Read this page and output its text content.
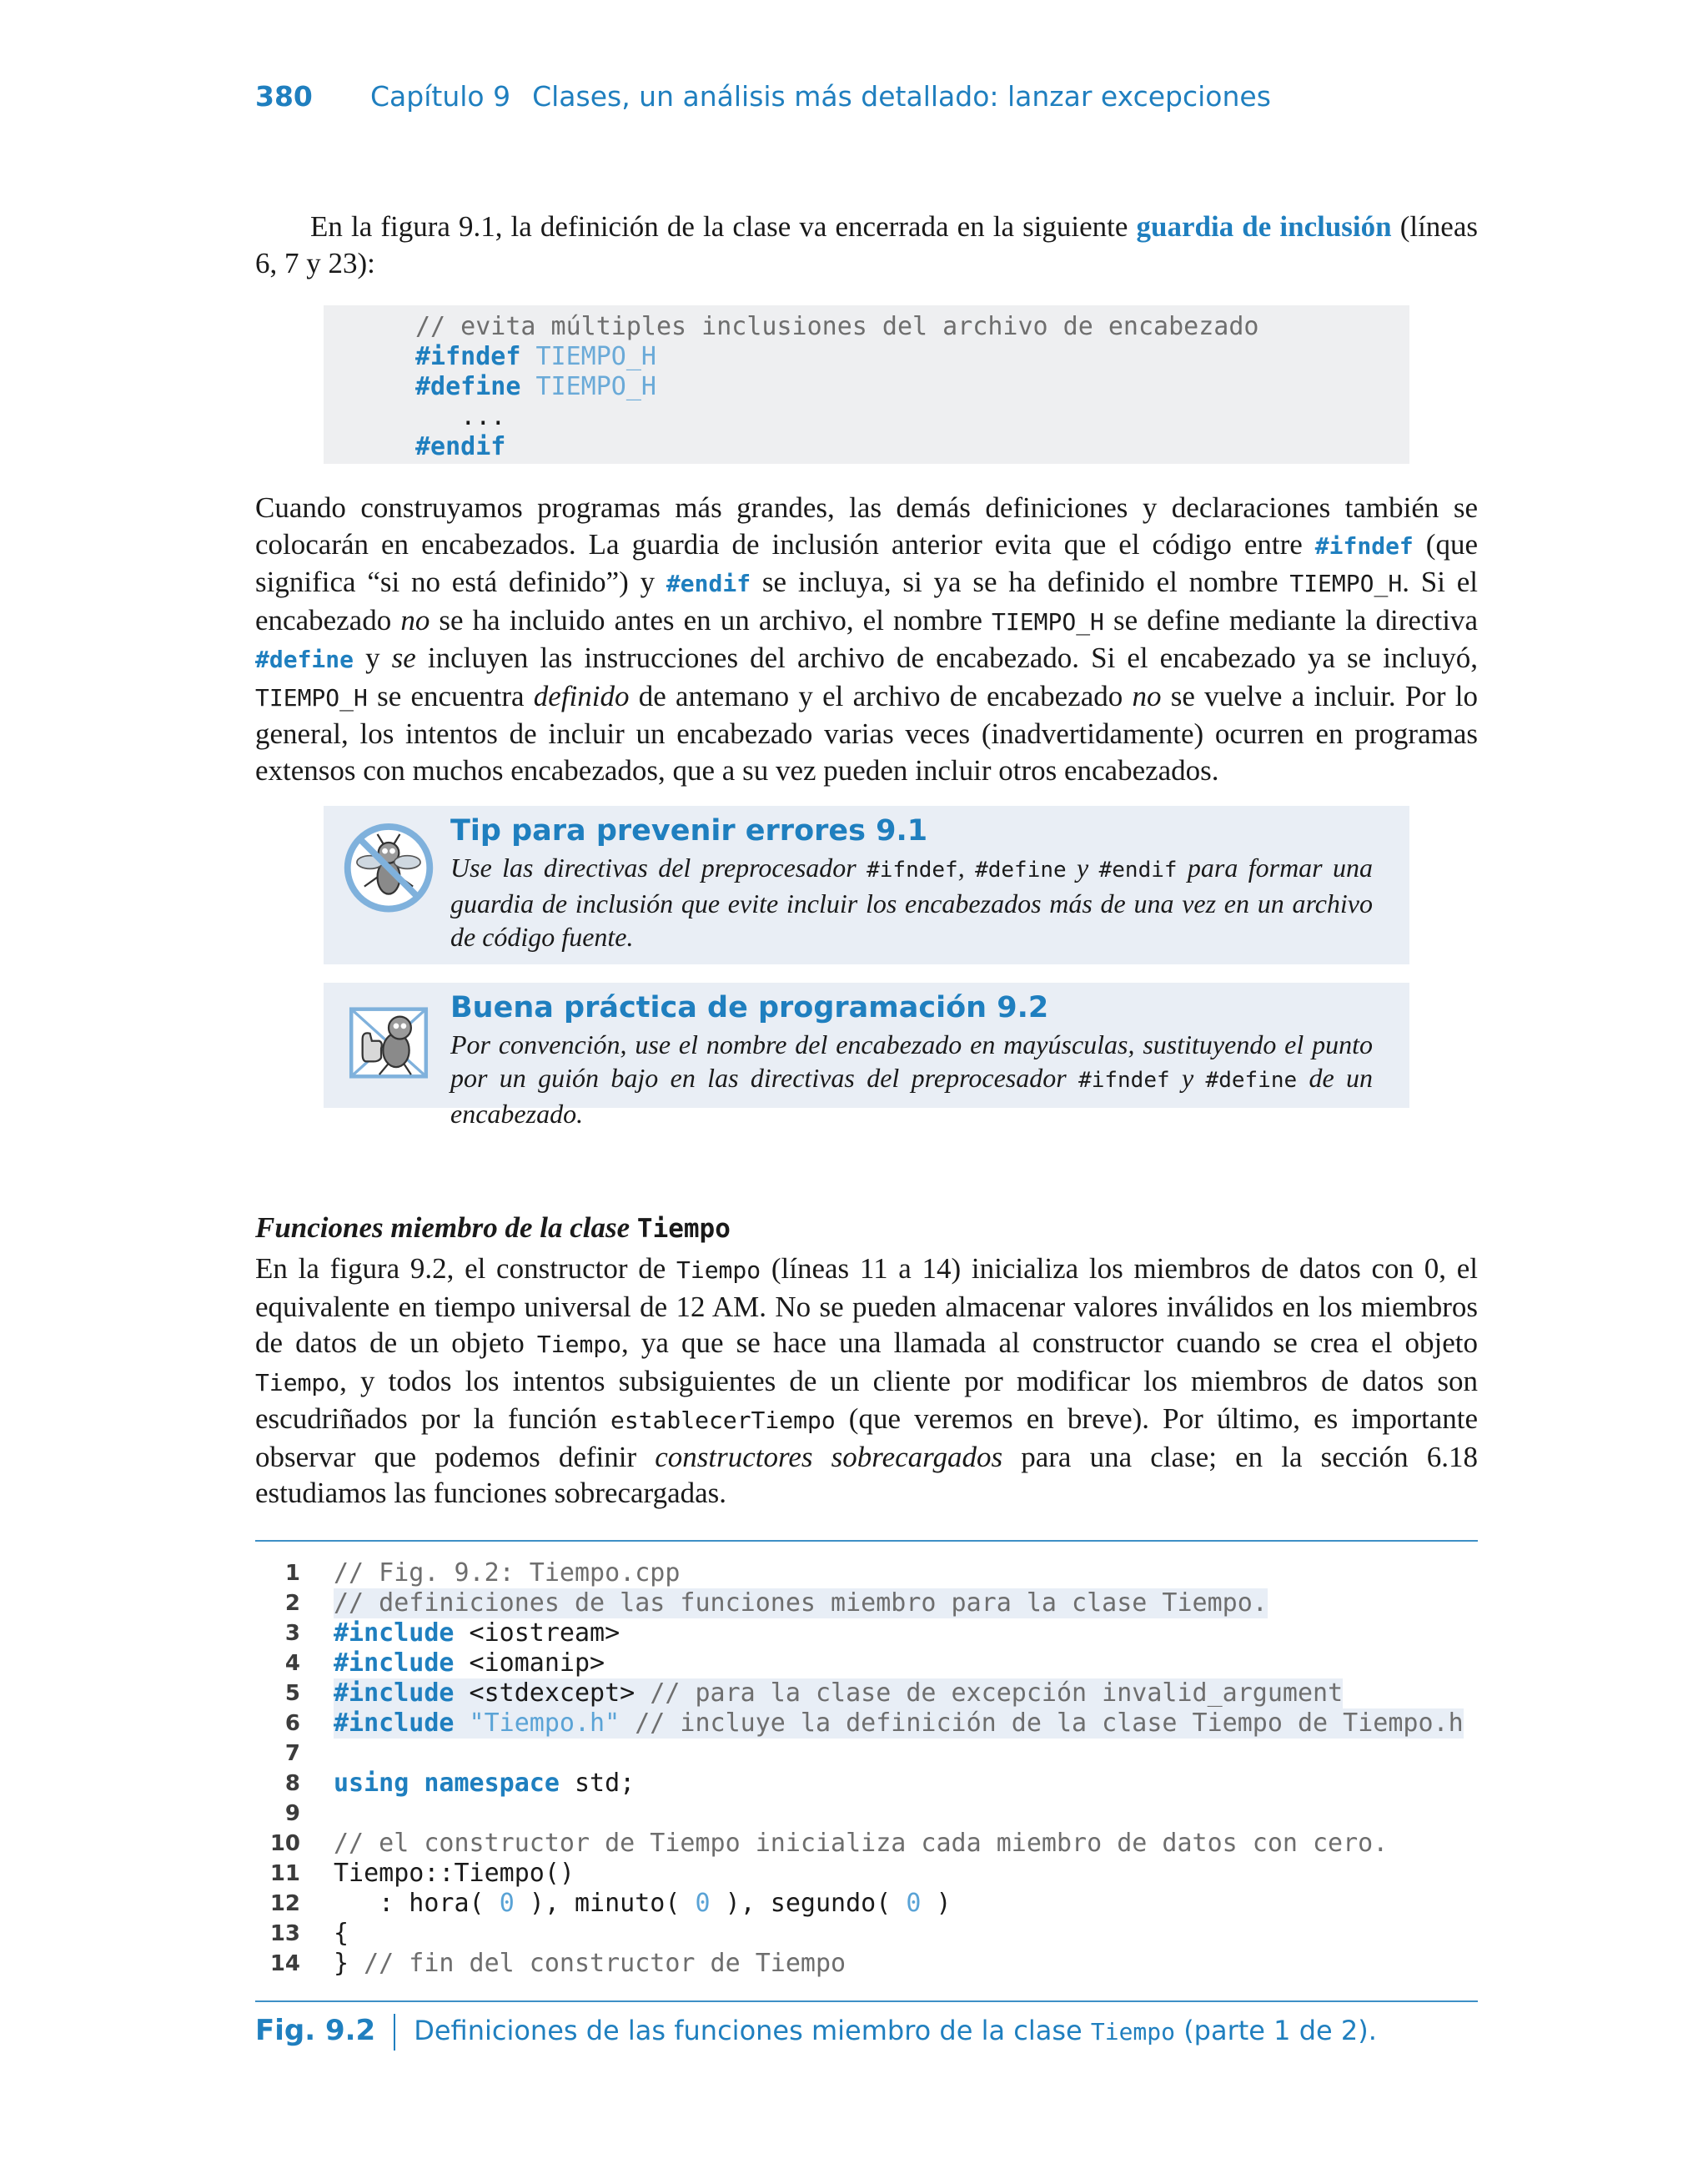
380 Capítulo 9 Clases, un análisis más detallado: lanzar excepciones

En la figura 9.1, la definición de la clase va encerrada en la siguiente guardia de inclusión (líneas 6, 7 y 23):

// evita múltiples inclusiones del archivo de encabezado
#ifndef TIEMPO_H
#define TIEMPO_H
...
#endif

Cuando construyamos programas más grandes, las demás definiciones y declaraciones también se colocarán en encabezados. La guardia de inclusión anterior evita que el código entre #ifndef (que significa “si no está definido”) y #endif se incluya, si ya se ha definido el nombre TIEMPO_H. Si el encabezado no se ha incluido antes en un archivo, el nombre TIEMPO_H se define mediante la directiva #define y se incluyen las instrucciones del archivo de encabezado. Si el encabezado ya se incluyó, TIEMPO_H se encuentra definido de antemano y el archivo de encabezado no se vuelve a incluir. Por lo general, los intentos de incluir un encabezado varias veces (inadvertidamente) ocurren en programas extensos con muchos encabezados, que a su vez pueden incluir otros encabezados.

Tip para prevenir errores 9.1
Use las directivas del preprocesador #ifndef, #define y #endif para formar una guardia de inclusión que evite incluir los encabezados más de una vez en un archivo de código fuente.
Buena práctica de programación 9.2
Por convención, use el nombre del encabezado en mayúsculas, sustituyendo el punto por un guión bajo en las directivas del preprocesador #ifndef y #define de un encabezado.
Funciones miembro de la clase Tiempo

En la figura 9.2, el constructor de Tiempo (líneas 11 a 14) inicializa los miembros de datos con 0, el equivalente en tiempo universal de 12 AM. No se pueden almacenar valores inválidos en los miembros de datos de un objeto Tiempo, ya que se hace una llamada al constructor cuando se crea el objeto Tiempo, y todos los intentos subsiguientes de un cliente por modificar los miembros de datos son escudriñados por la función establecerTiempo (que veremos en breve). Por último, es importante observar que podemos definir constructores sobrecargados para una clase; en la sección 6.18 estudiamos las funciones sobrecargadas.

1 // Fig. 9.2: Tiempo.cpp
2 // definiciones de las funciones miembro para la clase Tiempo.
3 #include <iostream>
4 #include <iomanip>
5 #include <stdexcept> // para la clase de excepción invalid_argument
6 #include "Tiempo.h" // incluye la definición de la clase Tiempo de Tiempo.h
7
8 using namespace std;
9
10 // el constructor de Tiempo inicializa cada miembro de datos con cero.
11 Tiempo::Tiempo()
12 : hora( 0 ), minuto( 0 ), segundo( 0 )
13 {
14 } // fin del constructor de Tiempo
Fig. 9.2 Definiciones de las funciones miembro de la clase Tiempo (parte 1 de 2).
